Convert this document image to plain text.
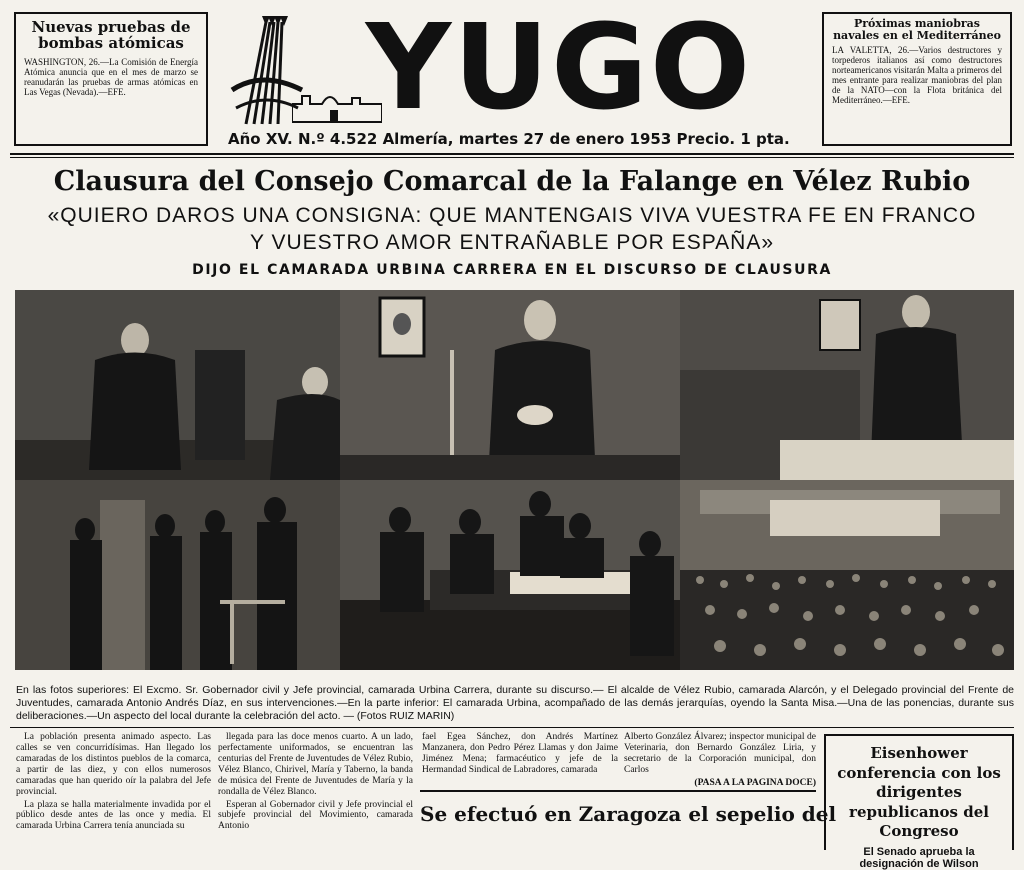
Nuevas pruebas de bombas atómicas
WASHINGTON, 26.—La Comisión de Energía Atómica anuncia que en el mes de marzo se reanudarán las pruebas de armas atómicas en Las Vegas (Nevada).—EFE.	YUGO
Año XV. N.º 4.522 Almería, martes 27 de enero 1953 Precio. 1 pta.
Próximas maniobras navales en el Mediterráneo
LA VALETTA, 26.—Varios destructores y torpederos italianos así como destructores norteamericanos visitarán Malta a primeros del mes entrante para realizar maniobras del plan de la NATO—con la Flota británica del Mediterráneo.—EFE.
Clausura del Consejo Comarcal de la Falange en Vélez Rubio
«QUIERO DAROS UNA CONSIGNA: QUE MANTENGAIS VIVA VUESTRA FE EN FRANCO
Y VUESTRO AMOR ENTRAÑABLE POR ESPAÑA»
DIJO EL CAMARADA URBINA CARRERA EN EL DISCURSO DE CLAUSURA
En las fotos superiores: El Excmo. Sr. Gobernador civil y Jefe provincial, camarada Urbina Carrera, durante su discurso.— El alcalde de Vélez Rubio, camarada Alarcón, y el Delegado provincial del Frente de Juventudes, camarada Antonio Andrés Díaz, en sus intervenciones.—En la parte inferior: El camarada Urbina, acompañado de las demás jerarquías, oyendo la Santa Misa.—Una de las ponencias, durante sus deliberaciones.—Un aspecto del local durante la celebración del acto. — (Fotos RUIZ MARIN)

La población presenta animado aspecto. Las calles se ven concurridísimas. Han llegado los camaradas de los distintos pueblos de la comarca, a partir de las diez, y con ellos numerosos camaradas que han querido oír la palabra del Jefe provincial.

La plaza se halla materialmente invadida por el público desde antes de las once y media. El camarada Urbina Carrera tenía anunciada su

llegada para las doce menos cuarto. A un lado, perfectamente uniformados, se encuentran las centurias del Frente de Juventudes de Vélez Rubio, Vélez Blanco, Chirivel, María y Taberno, la banda de música del Frente de Juventudes de María y la rondalla de Vélez Blanco.

Esperan al Gobernador civil y Jefe provincial el subjefe provincial del Movimiento, camarada Antonio

fael Egea Sánchez, don Andrés Martínez Manzanera, don Pedro Pérez Llamas y don Jaime Jiménez Mena; farmacéutico y jefe de la Hermandad Sindical de Labradores, camarada

Alberto González Álvarez; inspector municipal de Veterinaria, don Bernardo González Liria, y secretario de la Corporación municipal, don Carlos

(PASA A LA PAGINA DOCE)
Se efectuó en Zaragoza el sepelio del
Eisenhower conferencia con los dirigentes republicanos del Congreso
El Senado aprueba la designación de Wilson
